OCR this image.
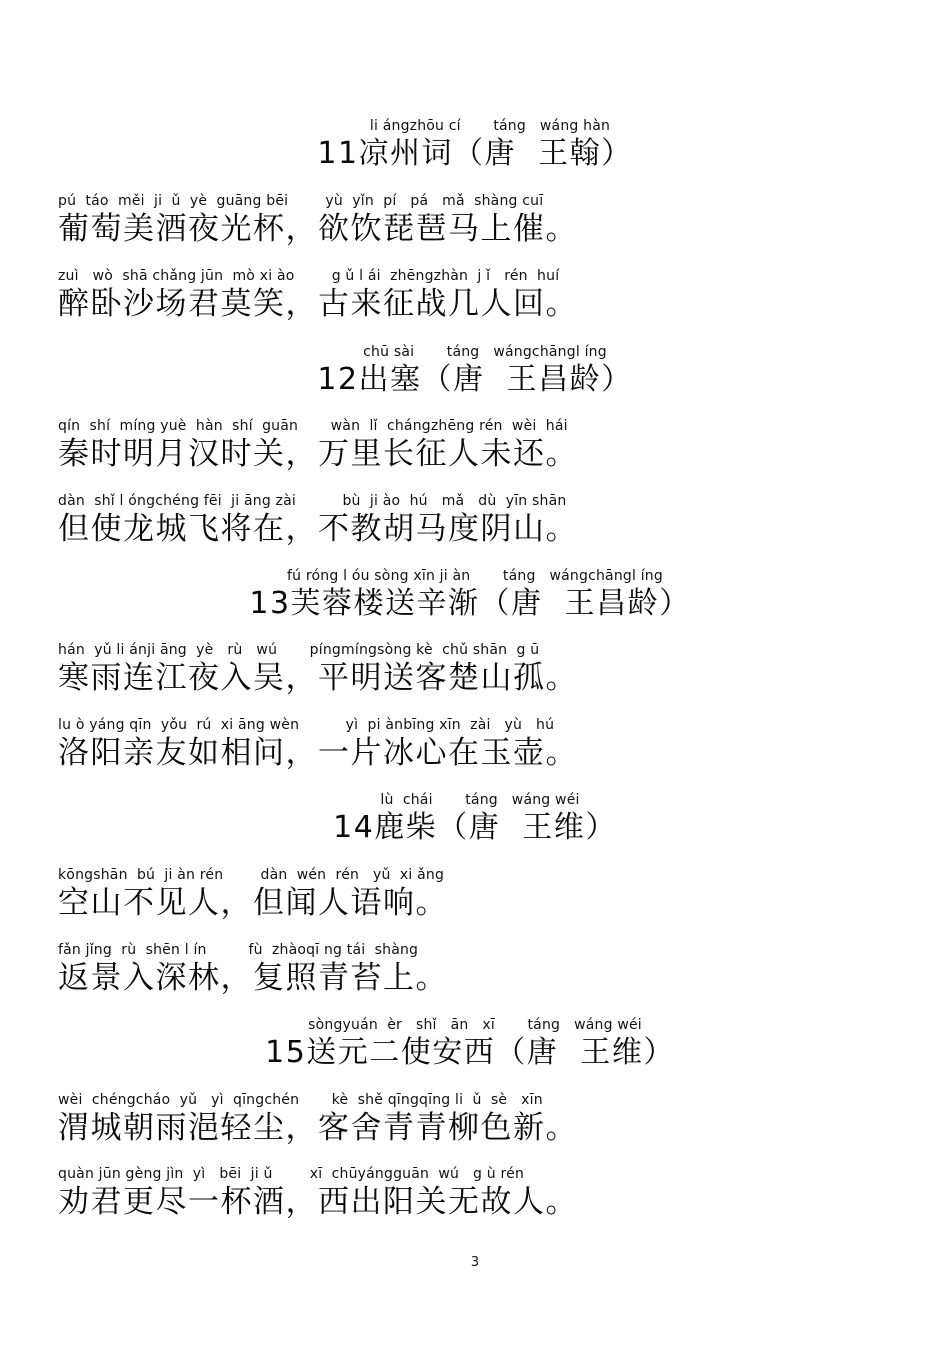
li ángzhōu cí       táng   wáng hàn
11凉州词（唐  王翰）
pú  táo  měi  ji  ǔ  yè  guāng bēi        yù  yǐn  pí   pá   mǎ  shàng cuī
葡萄美酒夜光杯，欲饮琵琶马上催。
zuì   wò  shā chǎng jūn  mò xi ào        g ǔ l ái  zhēngzhàn  j ǐ   rén  huí
醉卧沙场君莫笑，古来征战几人回。
chū sài       táng   wángchāngl íng
12出塞（唐  王昌龄）
qín  shí  míng yuè  hàn  shí  guān       wàn  lǐ  chángzhēng rén  wèi  hái
秦时明月汉时关，万里长征人未还。
dàn  shǐ l óngchéng fēi  ji āng zài          bù  ji ào  hú   mǎ   dù  yīn shān
但使龙城飞将在，不教胡马度阴山。
fú róng l óu sòng xīn ji àn       táng   wángchāngl íng
13芙蓉楼送辛渐（唐  王昌龄）
hán  yǔ li ánji āng  yè   rù   wú       píngmíngsòng kè  chǔ shān  g ū
寒雨连江夜入吴，平明送客楚山孤。
lu ò yáng qīn  yǒu  rú  xi āng wèn          yì  pi ànbīng xīn  zài   yù   hú
洛阳亲友如相问，一片冰心在玉壶。
lù  chái       táng   wáng wéi
14鹿柴（唐  王维）
kōngshān  bú  ji àn rén        dàn  wén  rén   yǔ  xi ǎng
空山不见人，但闻人语响。
fǎn jǐng  rù  shēn l ín         fù  zhàoqī ng tái  shàng
返景入深林，复照青苔上。
sòngyuán  èr   shǐ   ān   xī       táng   wáng wéi
15送元二使安西（唐  王维）
wèi  chéngcháo  yǔ   yì  qīngchén       kè  shě qīngqīng li  ǔ  sè   xīn
渭城朝雨浥轻尘，客舍青青柳色新。
quàn jūn gèng jìn  yì   bēi  ji ǔ        xī  chūyángguān  wú   g ù rén
劝君更尽一杯酒，西出阳关无故人。
3
